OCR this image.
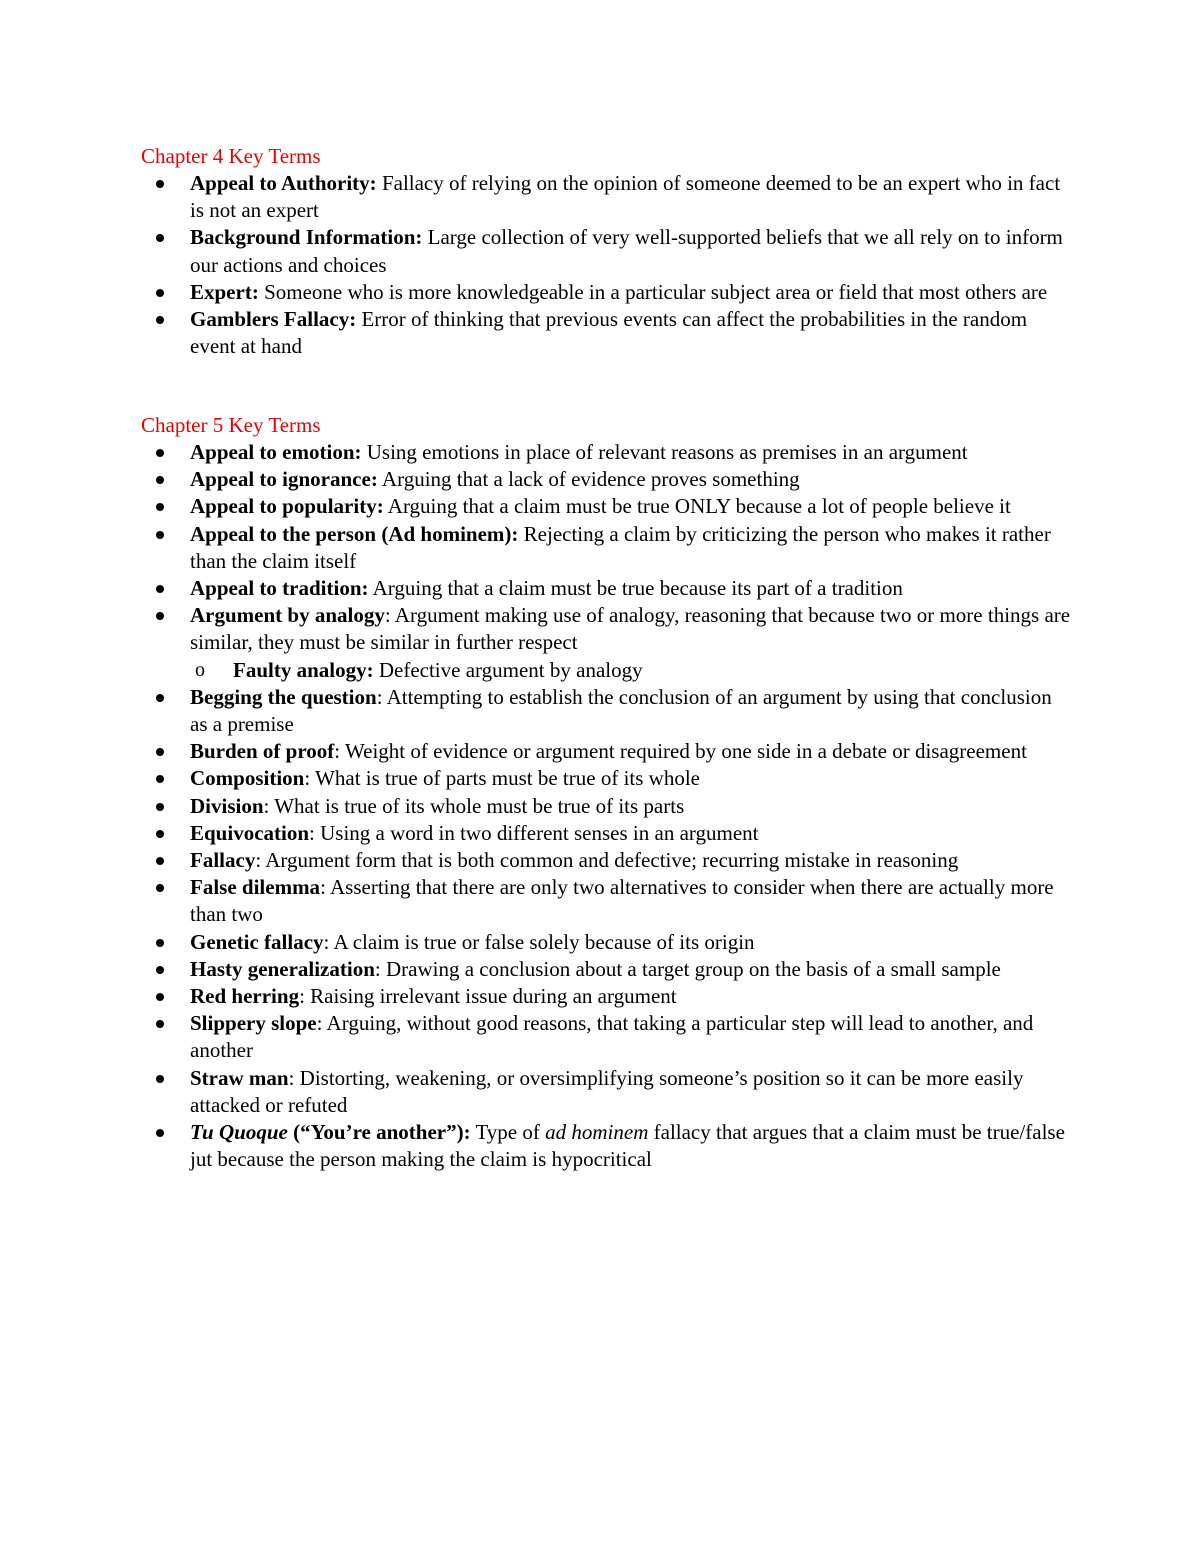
Chapter 4 Key Terms
Appeal to Authority: Fallacy of relying on the opinion of someone deemed to be an expert who in fact is not an expert
Background Information: Large collection of very well-supported beliefs that we all rely on to inform our actions and choices
Expert: Someone who is more knowledgeable in a particular subject area or field that most others are
Gamblers Fallacy: Error of thinking that previous events can affect the probabilities in the random event at hand
Chapter 5 Key Terms
Appeal to emotion: Using emotions in place of relevant reasons as premises in an argument
Appeal to ignorance: Arguing that a lack of evidence proves something
Appeal to popularity: Arguing that a claim must be true ONLY because a lot of people believe it
Appeal to the person (Ad hominem): Rejecting a claim by criticizing the person who makes it rather than the claim itself
Appeal to tradition: Arguing that a claim must be true because its part of a tradition
Argument by analogy: Argument making use of analogy, reasoning that because two or more things are similar, they must be similar in further respect
o Faulty analogy: Defective argument by analogy
Begging the question: Attempting to establish the conclusion of an argument by using that conclusion as a premise
Burden of proof: Weight of evidence or argument required by one side in a debate or disagreement
Composition: What is true of parts must be true of its whole
Division: What is true of its whole must be true of its parts
Equivocation: Using a word in two different senses in an argument
Fallacy: Argument form that is both common and defective; recurring mistake in reasoning
False dilemma: Asserting that there are only two alternatives to consider when there are actually more than two
Genetic fallacy: A claim is true or false solely because of its origin
Hasty generalization: Drawing a conclusion about a target group on the basis of a small sample
Red herring: Raising irrelevant issue during an argument
Slippery slope: Arguing, without good reasons, that taking a particular step will lead to another, and another
Straw man: Distorting, weakening, or oversimplifying someone’s position so it can be more easily attacked or refuted
Tu Quoque (“You’re another”): Type of ad hominem fallacy that argues that a claim must be true/false jut because the person making the claim is hypocritical
